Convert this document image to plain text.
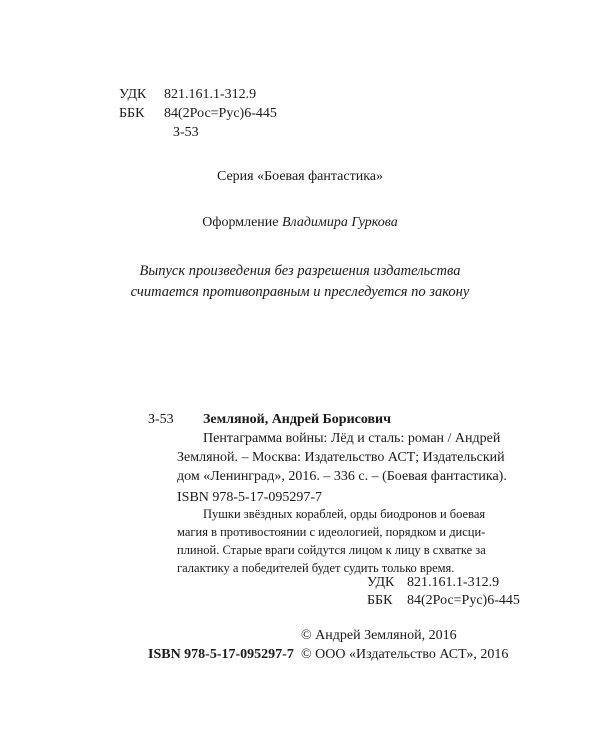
УДК 821.161.1-312.9
ББК 84(2Рос=Рус)6-445
З-53
Серия «Боевая фантастика»
Оформление Владимира Гуркова
Выпуск произведения без разрешения издательства
считается противоправным и преследуется по закону
З-53 Земляной, Андрей Борисович
Пентаграмма войны: Лёд и сталь: роман / Андрей
Земляной. – Москва: Издательство АСТ; Издательский
дом «Ленинград», 2016. – 336 с. – (Боевая фантастика).
ISBN 978-5-17-095297-7
Пушки звёздных кораблей, орды биодронов и боевая
магия в противостоянии с идеологией, порядком и дисци-
плиной. Старые враги сойдутся лицом к лицу в схватке за
галактику а победителей будет судить только время.
УДК 821.161.1-312.9
ББК 84(2Рос=Рус)6-445
© Андрей Земляной, 2016
ISBN 978-5-17-095297-7 © ООО «Издательство АСТ», 2016
